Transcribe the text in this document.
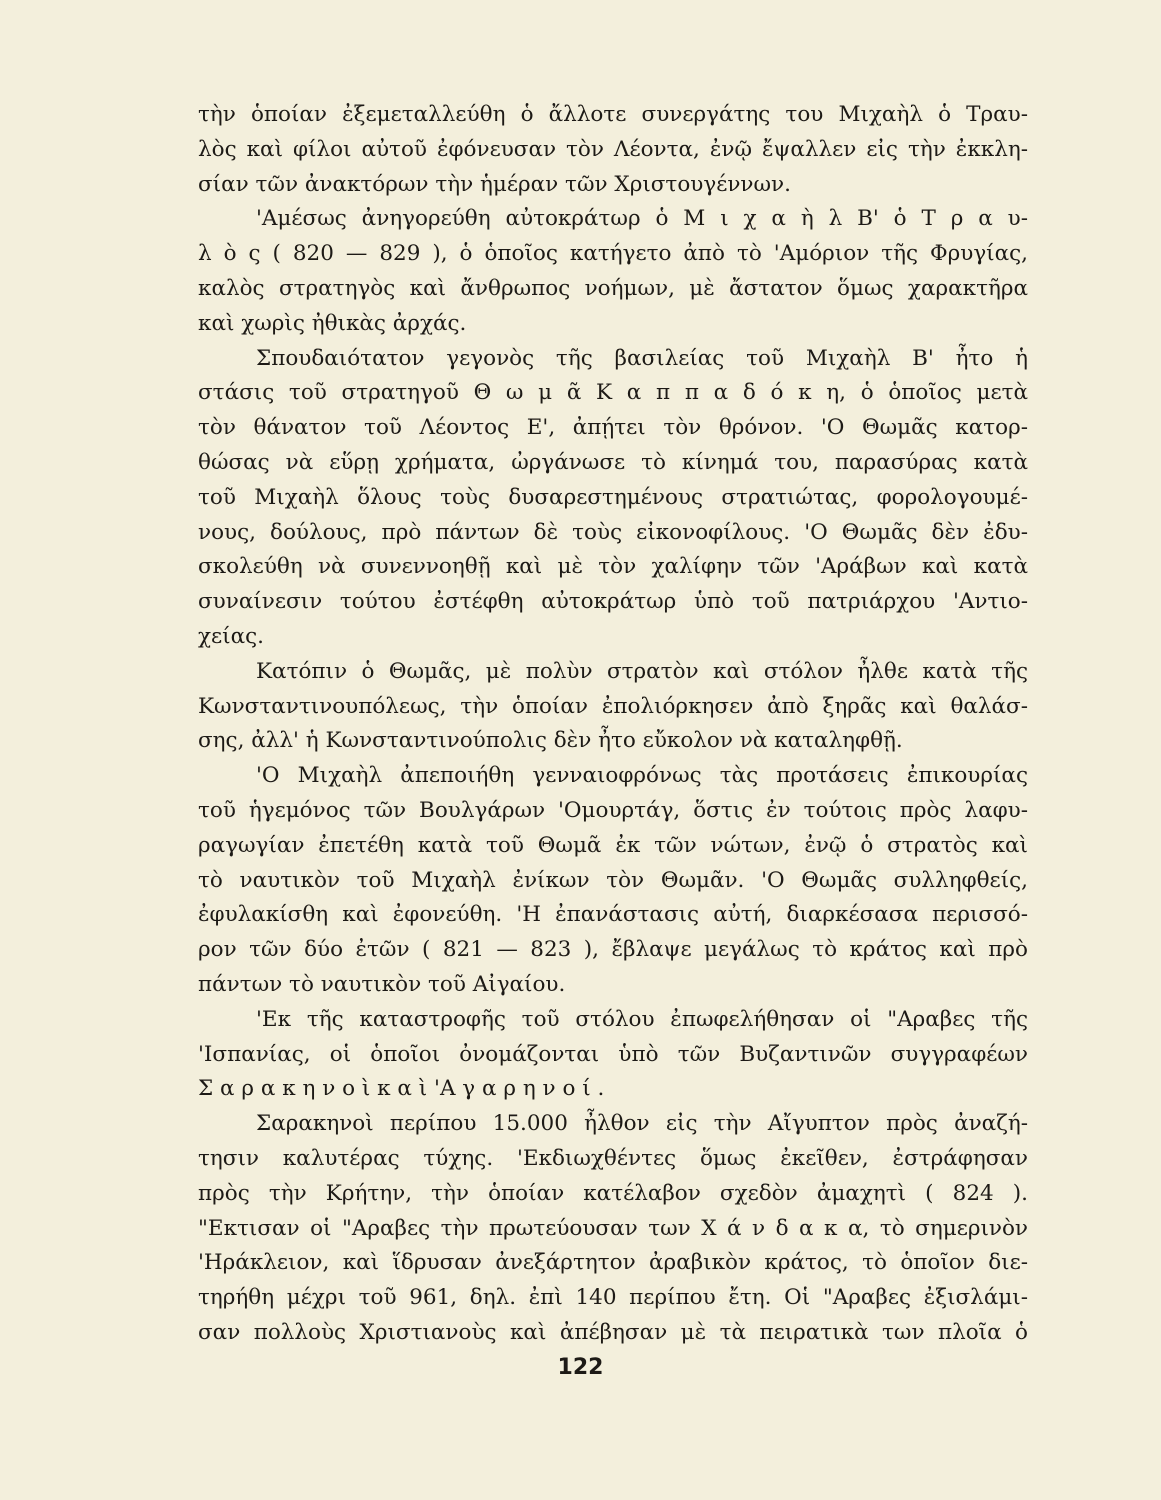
τὴν ὁποίαν ἐξεμεταλλεύθη ὁ ἄλλοτε συνεργάτης του Μιχαὴλ ὁ Τραυ-
λὸς καὶ φίλοι αὐτοῦ ἐφόνευσαν τὸν Λέοντα, ἐνῷ ἔψαλλεν εἰς τὴν ἐκκλη-
σίαν τῶν ἀνακτόρων τὴν ἡμέραν τῶν Χριστουγέννων.
'Αμέσως ἀνηγορεύθη αὐτοκράτωρ ὁ Μ ι χ α ὴ λ Β' ὁ Τ ρ α υ-
λ ὸ ς ( 820 — 829 ), ὁ ὁποῖος κατήγετο ἀπὸ τὸ 'Αμόριον τῆς Φρυγίας,
καλὸς στρατηγὸς καὶ ἄνθρωπος νοήμων, μὲ ἄστατον ὅμως χαρακτῆρα
καὶ χωρὶς ἠθικὰς ἀρχάς.
Σπουδαιότατον γεγονὸς τῆς βασιλείας τοῦ Μιχαὴλ Β' ἦτο ἡ
στάσις τοῦ στρατηγοῦ Θ ω μ ᾶ Κ α π π α δ ό κ η, ὁ ὁποῖος μετὰ
τὸν θάνατον τοῦ Λέοντος Ε', ἀπῄτει τὸν θρόνον. 'Ο Θωμᾶς κατορ-
θώσας νὰ εὕρῃ χρήματα, ὠργάνωσε τὸ κίνημά του, παρασύρας κατὰ
τοῦ Μιχαὴλ ὅλους τοὺς δυσαρεστημένους στρατιώτας, φορολογουμέ-
νους, δούλους, πρὸ πάντων δὲ τοὺς εἰκονοφίλους. 'Ο Θωμᾶς δὲν ἐδυ-
σκολεύθη νὰ συνεννοηθῇ καὶ μὲ τὸν χαλίφην τῶν 'Αράβων καὶ κατὰ
συναίνεσιν τούτου ἐστέφθη αὐτοκράτωρ ὑπὸ τοῦ πατριάρχου 'Αντιο-
χείας.
Κατόπιν ὁ Θωμᾶς, μὲ πολὺν στρατὸν καὶ στόλον ἦλθε κατὰ τῆς
Κωνσταντινουπόλεως, τὴν ὁποίαν ἐπολιόρκησεν ἀπὸ ξηρᾶς καὶ θαλάσ-
σης, ἀλλ' ἡ Κωνσταντινούπολις δὲν ἦτο εὔκολον νὰ καταληφθῇ.
'Ο Μιχαὴλ ἀπεποιήθη γενναιοφρόνως τὰς προτάσεις ἐπικουρίας
τοῦ ἡγεμόνος τῶν Βουλγάρων 'Ομουρτάγ, ὅστις ἐν τούτοις πρὸς λαφυ-
ραγωγίαν ἐπετέθη κατὰ τοῦ Θωμᾶ ἐκ τῶν νώτων, ἐνῷ ὁ στρατὸς καὶ
τὸ ναυτικὸν τοῦ Μιχαὴλ ἐνίκων τὸν Θωμᾶν. 'Ο Θωμᾶς συλληφθείς,
ἐφυλακίσθη καὶ ἐφονεύθη. 'Η ἐπανάστασις αὐτή, διαρκέσασα περισσό-
ρον τῶν δύο ἐτῶν ( 821 — 823 ), ἔβλαψε μεγάλως τὸ κράτος καὶ πρὸ
πάντων τὸ ναυτικὸν τοῦ Αἰγαίου.
'Εκ τῆς καταστροφῆς τοῦ στόλου ἐπωφελήθησαν οἱ "Αραβες τῆς
'Ισπανίας, οἱ ὁποῖοι ὀνομάζονται ὑπὸ τῶν Βυζαντινῶν συγγραφέων
Σ α ρ α κ η ν ο ὶ κ α ὶ 'Α γ α ρ η ν ο ί .
Σαρακηνοὶ περίπου 15.000 ἦλθον εἰς τὴν Αἴγυπτον πρὸς ἀναζή-
τησιν καλυτέρας τύχης. 'Εκδιωχθέντες ὅμως ἐκεῖθεν, ἐστράφησαν
πρὸς τὴν Κρήτην, τὴν ὁποίαν κατέλαβον σχεδὸν ἀμαχητὶ ( 824 ).
"Εκτισαν οἱ "Αραβες τὴν πρωτεύουσαν των Χ ά ν δ α κ α, τὸ σημερινὸν
'Ηράκλειον, καὶ ἵδρυσαν ἀνεξάρτητον ἀραβικὸν κράτος, τὸ ὁποῖον διε-
τηρήθη μέχρι τοῦ 961, δηλ. ἐπὶ 140 περίπου ἔτη. Οἱ "Αραβες ἐξισλάμι-
σαν πολλοὺς Χριστιανοὺς καὶ ἀπέβησαν μὲ τὰ πειρατικὰ των πλοῖα ὁ
122
